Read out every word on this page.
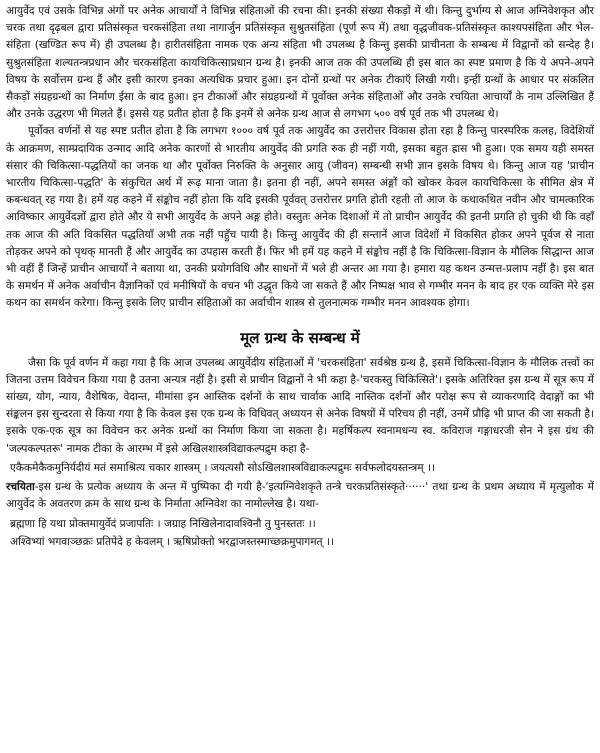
आयुर्वेद एवं उसके विभिन्न अंगों पर अनेक आचार्यों ने विभिन्न संहिताओं की रचना की। इनकी संख्या सैकड़ों में थी। किन्तु दुर्भाग्य से आज अग्निवेशकृत और चरक तथा दृढ़बल द्वारा प्रतिसंस्कृत चरकसंहिता तथा नागार्जुन प्रतिसंस्कृत सुश्रुतसंहिता (पूर्ण रूप में) तथा वृद्धजीवक-प्रतिसंस्कृत काश्यपसंहिता और भेल-संहिता (खण्डित रूप में) ही उपलब्ध है। हारीतसंहिता नामक एक अन्य संहिता भी उपलब्ध है किन्तु इसकी प्राचीनता के सम्बन्ध में विद्वानों को सन्देह है। सुश्रुतसंहिता शल्यतन्त्रप्रधान और चरकसंहिता कायचिकित्साप्रधान ग्रन्थ है। इनकी आज तक की उपलब्धि ही इस बात का स्पष्ट प्रमाण है कि ये अपने-अपने विषय के सर्वोत्तम ग्रन्थ हैं और इसी कारण इनका अत्यधिक प्रचार हुआ। इन दोनों ग्रन्थों पर अनेक टीकाएँ लिखी गयी। इन्हीं ग्रन्थों के आधार पर संकलित सैकड़ों संग्रहग्रन्थों का निर्माण ईसा के बाद हुआ। इन टीकाओं और संग्रहग्रन्थों में पूर्वोक्त अनेक संहिताओं और उनके रचयिता आचार्यों के नाम उल्लिखित हैं और उनके उद्धरण भी मिलते हैं। इससे यह प्रतीत होता है कि इनमें से अनेक ग्रन्थ आज से लगभग ५०० वर्ष पूर्व तक भी उपलब्ध थे।

पूर्वोक्त वर्णनों से यह स्पष्ट प्रतीत होता है कि लगभग १००० वर्ष पूर्व तक आयुर्वेद का उत्तरोत्तर विकास होता रहा है किन्तु पारस्परिक कलह, विदेशियों के आक्रमण, साम्प्रदायिक उन्माद आदि अनेक कारणों से भारतीय आयुर्वेद की प्रगति रुक ही नहीं गयी, इसका बहुत ह्रास भी हुआ। एक समय यही समस्त संसार की चिकित्सा-पद्धतियों का जनक था और पूर्वोक्त निरुक्ति के अनुसार आयु (जीवन) सम्बन्धी सभी ज्ञान इसके विषय थे। किन्तु आज यह 'प्राचीन भारतीय चिकित्सा-पद्धति' के संकुचित अर्थ में रूढ़ माना जाता है। इतना ही नहीं, अपने समस्त अंङ्गों को खोकर केवल कायचिकित्सा के सीमित क्षेत्र में कबन्धवत् रह गया है। हमें यह कहने में संङ्कोच नहीं होता कि यदि इसकी पूर्ववत् उत्तरोत्तर प्रगति होती रहती तो आज के कथाकथित नवीन और चामत्कारिक आविष्कार आयुर्वेदज्ञों द्वारा होते और ये सभी आयुर्वेद के अपने अङ्ग होते। वस्तुतः अनेक दिशाओं में तो प्राचीन आयुर्वेद की इतनी प्रगति हो चुकी थी कि वहाँ तक आज की अति विकसित पद्धतियाँ अभी तक नहीं पहुँच पायी है। किन्तु आयुर्वेद की ही सन्तानें आज विदेशों में विकसित होकर अपने पूर्वज से नाता तोड़कर अपने को पृथक् मानती हैं और आयुर्वेद का उपहास करती हैं। फिर भी हमें यह कहने में संङ्कोच नहीं है कि चिकित्सा-विज्ञान के मौलिक सिद्धान्त आज भी वहीं हैं जिन्हें प्राचीन आचार्यों ने बताया था, उनकी प्रयोगविधि और साधनों में भले ही अन्तर आ गया है। हमारा यह कथन उन्मत्त-प्रलाप नहीं है। इस बात के समर्थन में अनेक अर्वाचीन वैज्ञानिकों एवं मनीषियों के वचन भी उद्धृत किये जा सकते हैं और निष्पक्ष भाव से गम्भीर मनन के बाद हर एक व्यक्ति मेरे इस कथन का समर्थन करेगा। किन्तु इसके लिए प्राचीन संहिताओं का अर्वाचीन शास्त्र से तुलनात्मक गम्भीर मनन आवश्यक होगा।

मूल ग्रन्थ के सम्बन्ध में

जैसा कि पूर्व वर्णन में कहा गया है कि आज उपलब्ध आयुर्वेदीय संहिताओं में 'चरकसंहिता' सर्वश्रेष्ठ ग्रन्थ है, इसमें चिकित्सा-विज्ञान के मौलिक तत्त्वों का जितना उत्तम विवेचन किया गया है उतना अन्यत्र नहीं है। इसी से प्राचीन विद्वानों ने भी कहा है-'चरकस्तु चिकित्सिते'। इसके अतिरिक्त इस ग्रन्थ में सूत्र रूप में सांख्य, योग, न्याय, वैशेषिक, वेदान्त, मीमांसा इन आस्तिक दर्शनों के साथ चार्वाक आदि नास्तिक दर्शनों और परोक्ष रूप से व्याकरणादि वेदाङ्गों का भी संङ्कलन इस सुन्दरता से किया गया है कि केवल इस एक ग्रन्थ के विधिवत् अध्ययन से अनेक विषयों में परिचय ही नहीं, उनमें प्रौढ़ि भी प्राप्त की जा सकती है। इसके एक-एक सूत्र का विवेचन कर अनेक ग्रन्थों का निर्माण किया जा सकता है। महर्षिकल्प स्वनामधन्य स्व. कविराज गङ्गाधरजी सेन ने इस ग्रंथ की 'जल्पकल्पतरू' नामक टीका के आरम्भ में इसे अखिलशास्त्रविद्याकल्पद्रुम कहा है-

एकैकमेकैकमुनिर्यदीयं मतं समाश्रित्य चकार शास्त्रम् । जयत्यसौ सोऽखिलशास्त्रविद्याकल्पद्रुमः सर्वफलोदयस्तन्त्रम् ।।

रचयिता-इस ग्रन्थ के प्रत्येक अध्याय के अन्त में पुष्पिका दी गयी है-'इत्यग्निवेशकृते तन्त्रे चरकप्रतिसंस्कृते······' तथा ग्रन्थ के प्रथम अध्याय में मृत्युलोक में आयुर्वेद के अवतरण क्रम के साथ ग्रन्थ के निर्माता अग्निवेश का नामोल्लेख है। यथा-

ब्रह्मणा हि यथा प्रोक्तमायुर्वेदं प्रजापतिः । जग्राह निखिलेनादावश्विनौ तु पुनस्ततः ।।
अश्विभ्यां भगवाञ्छक्रः प्रतिपेदे ह केवलम् । ऋषिप्रोक्तो भरद्वाजस्तस्माच्छक्रमुपागमत् ।।
